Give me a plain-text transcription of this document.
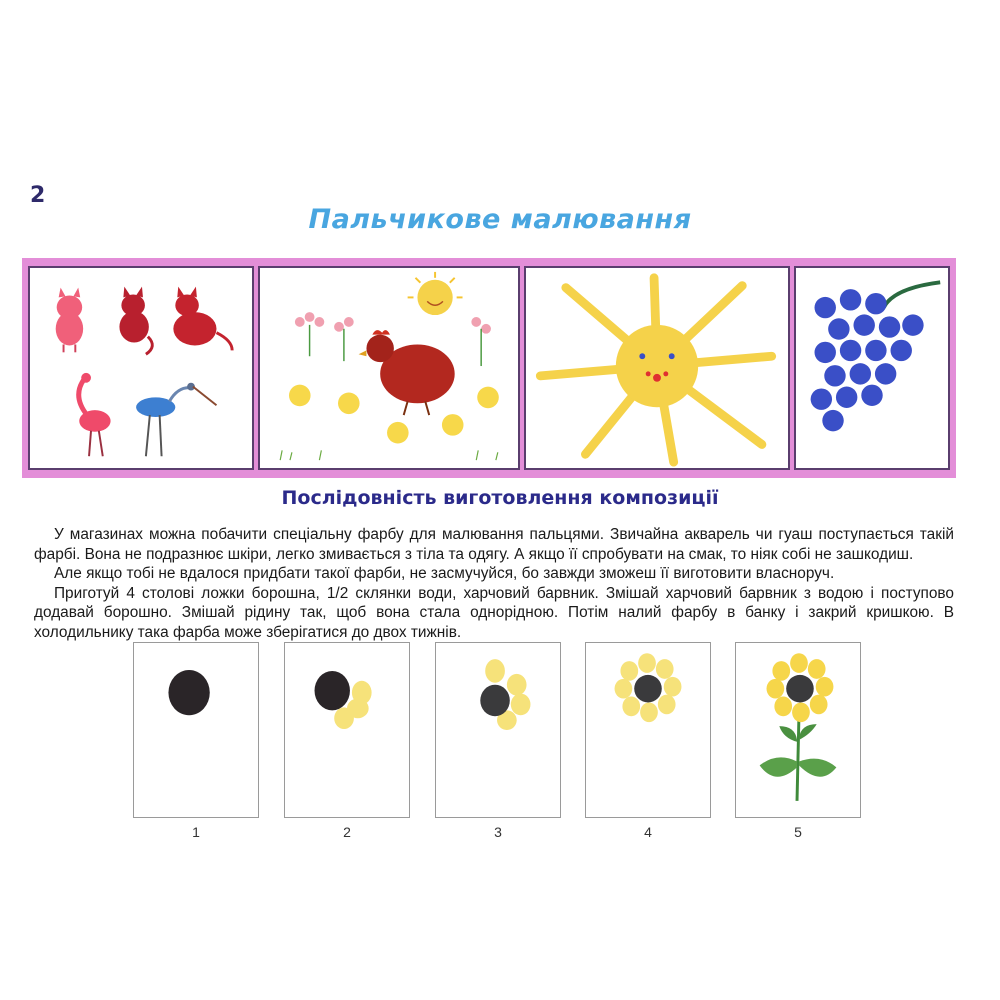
2
Пальчикове малювання
Послідовність виготовлення композиції

У магазинах можна побачити спеціальну фарбу для малювання пальцями. Звичайна акварель чи гуаш поступається такій фарбі. Вона не подразнює шкіри, легко змивається з тіла та одягу. А якщо її спробувати на смак, то ніяк собі не зашкодиш.

Але якщо тобі не вдалося придбати такої фарби, не засмучуйся, бо завжди зможеш її виготовити власноруч.

Приготуй 4 столові ложки борошна, 1/2 склянки води, харчовий барвник. Змішай харчовий барвник з водою і поступово додавай борошно. Змішай рідину так, щоб вона стала однорідною. Потім налий фарбу в банку і закрий кришкою. В холодильнику така фарба може зберігатися до двох тижнів.

1	2	3	4	5
